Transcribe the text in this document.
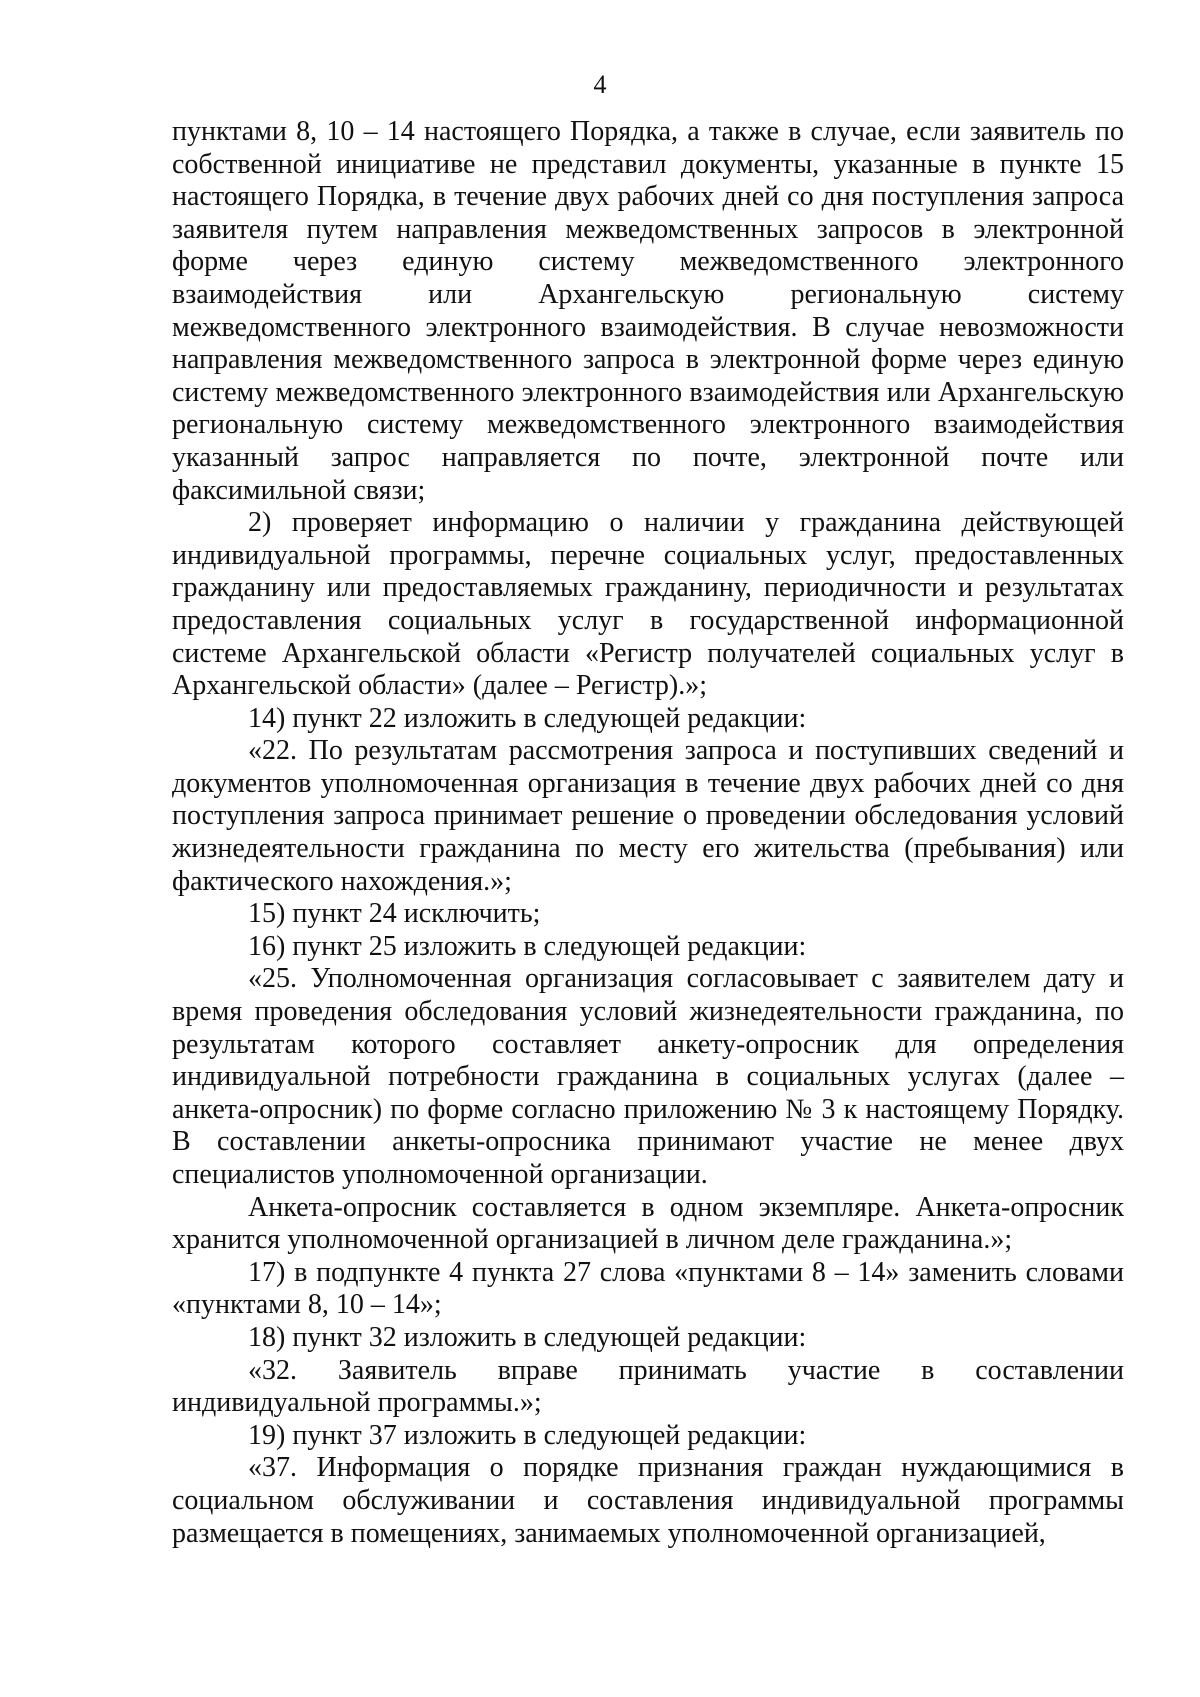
4

пунктами 8, 10 – 14 настоящего Порядка, а также в случае, если заявитель по собственной инициативе не представил документы, указанные в пункте 15 настоящего Порядка, в течение двух рабочих дней со дня поступления запроса заявителя путем направления межведомственных запросов в электронной форме через единую систему межведомственного электронного взаимодействия или Архангельскую региональную систему межведомственного электронного взаимодействия. В случае невозможности направления межведомственного запроса в электронной форме через единую систему межведомственного электронного взаимодействия или Архангельскую региональную систему межведомственного электронного взаимодействия указанный запрос направляется по почте, электронной почте или факсимильной связи;

2) проверяет информацию о наличии у гражданина действующей индивидуальной программы, перечне социальных услуг, предоставленных гражданину или предоставляемых гражданину, периодичности и результатах предоставления социальных услуг в государственной информационной системе Архангельской области «Регистр получателей социальных услуг в Архангельской области» (далее – Регистр).»;

14) пункт 22 изложить в следующей редакции:

«22. По результатам рассмотрения запроса и поступивших сведений и документов уполномоченная организация в течение двух рабочих дней со дня поступления запроса принимает решение о проведении обследования условий жизнедеятельности гражданина по месту его жительства (пребывания) или фактического нахождения.»;

15) пункт 24 исключить;

16) пункт 25 изложить в следующей редакции:

«25. Уполномоченная организация согласовывает с заявителем дату и время проведения обследования условий жизнедеятельности гражданина, по результатам которого составляет анкету-опросник для определения индивидуальной потребности гражданина в социальных услугах (далее – анкета-опросник) по форме согласно приложению № 3 к настоящему Порядку. В составлении анкеты-опросника принимают участие не менее двух специалистов уполномоченной организации.

Анкета-опросник составляется в одном экземпляре. Анкета-опросник хранится уполномоченной организацией в личном деле гражданина.»;

17) в подпункте 4 пункта 27 слова «пунктами 8 – 14» заменить словами «пунктами 8, 10 – 14»;

18) пункт 32 изложить в следующей редакции:

«32. Заявитель вправе принимать участие в составлении индивидуальной программы.»;

19) пункт 37 изложить в следующей редакции:

«37. Информация о порядке признания граждан нуждающимися в социальном обслуживании и составления индивидуальной программы размещается в помещениях, занимаемых уполномоченной организацией,
